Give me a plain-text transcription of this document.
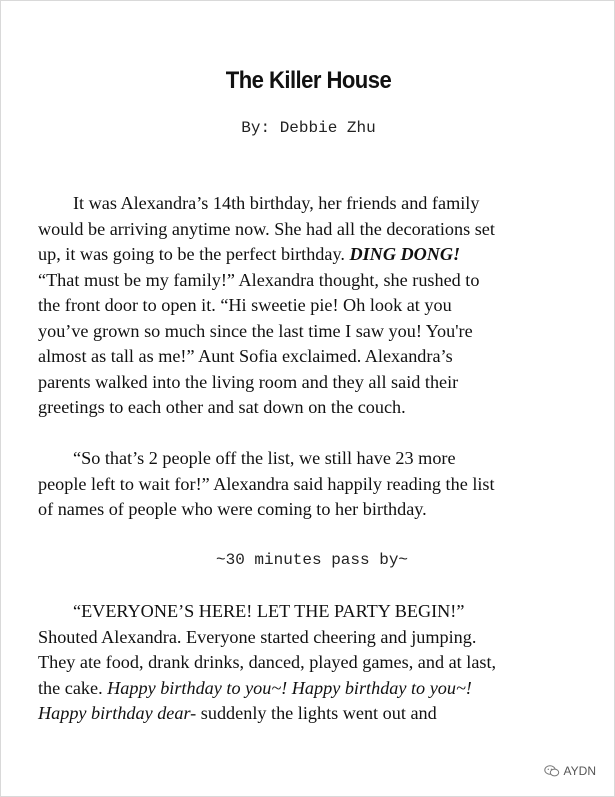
The Killer House
By: Debbie Zhu

It was Alexandra’s 14th birthday, her friends and family
would be arriving anytime now. She had all the decorations set
up, it was going to be the perfect birthday. DING DONG!
“That must be my family!” Alexandra thought, she rushed to
the front door to open it. “Hi sweetie pie! Oh look at you
you’ve grown so much since the last time I saw you! You're
almost as tall as me!” Aunt Sofia exclaimed. Alexandra’s
parents walked into the living room and they all said their
greetings to each other and sat down on the couch.

“So that’s 2 people off the list, we still have 23 more
people left to wait for!” Alexandra said happily reading the list
of names of people who were coming to her birthday.

~30 minutes pass by~

“EVERYONE’S HERE! LET THE PARTY BEGIN!”
Shouted Alexandra. Everyone started cheering and jumping.
They ate food, drank drinks, danced, played games, and at last,
the cake. Happy birthday to you~! Happy birthday to you~!
Happy birthday dear- suddenly the lights went out and

AYDN
